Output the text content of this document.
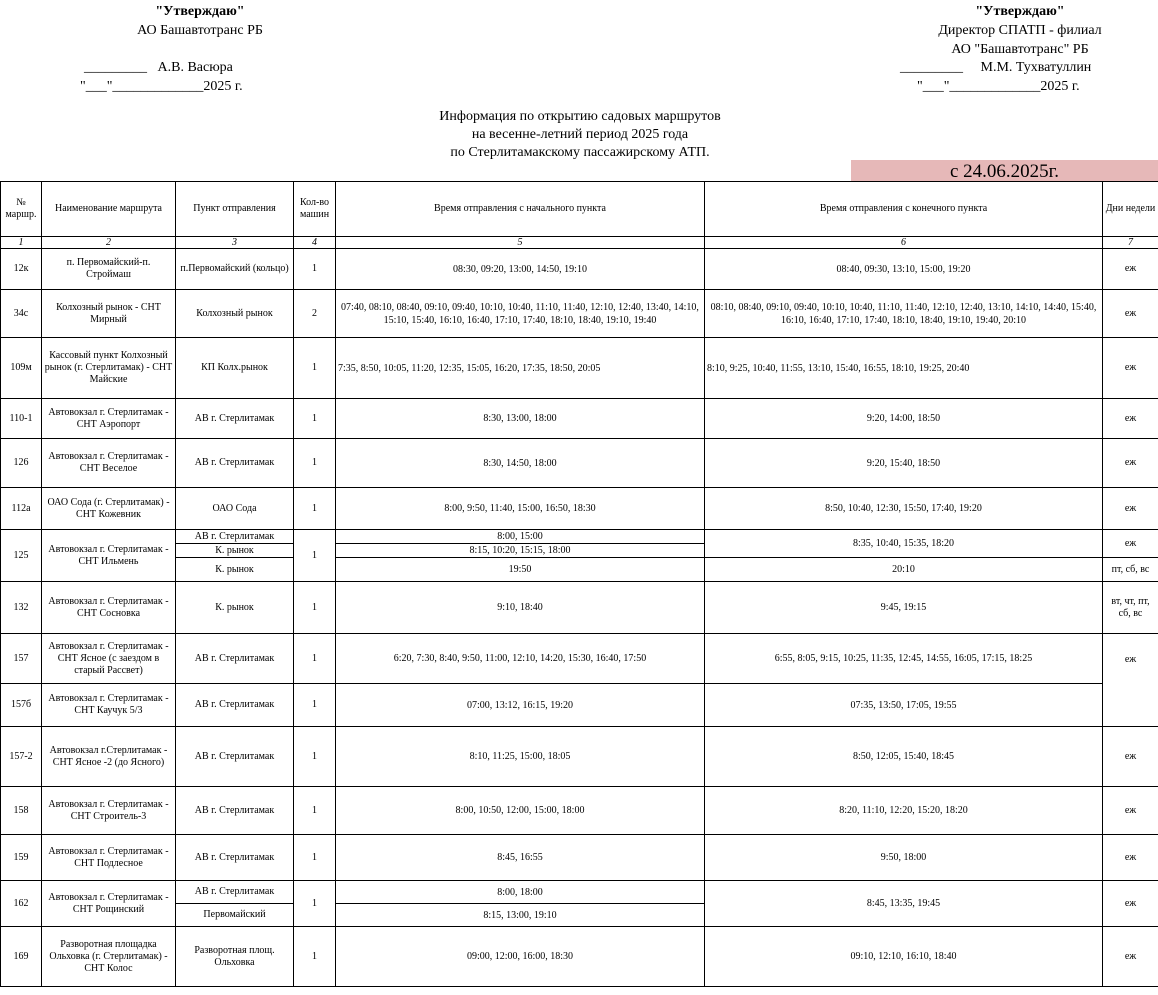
"Утверждаю"
АО Башавтотранс РБ
_________   А.В. Васюра
"___"_____________2025 г.
"Утверждаю"
Директор СПАТП - филиал
АО "Башавтотранс" РБ
_________     М.М. Тухватуллин
"___"_____________2025 г.
Информация по открытию садовых маршрутов
на весенне-летний период 2025 года
по Стерлитамакскому пассажирскому АТП.
с 24.06.2025г.
№ маршр.	Наименование маршрута	Пункт отправления	Кол-во машин	Время отправления с начального пункта	Время отправления с конечного пункта	Дни недели
1	2	3	4	5	6	7
12к	п. Первомайский-п. Строймаш	п.Первомайский (кольцо)	1	08:30, 09:20, 13:00, 14:50, 19:10	08:40, 09:30, 13:10, 15:00, 19:20	еж
34с	Колхозный рынок - СНТ Мирный	Колхозный рынок	2	07:40, 08:10, 08:40, 09:10, 09:40, 10:10, 10:40, 11:10, 11:40, 12:10, 12:40, 13:40, 14:10, 15:10, 15:40, 16:10, 16:40, 17:10, 17:40, 18:10, 18:40, 19:10, 19:40	08:10, 08:40, 09:10, 09:40, 10:10, 10:40, 11:10, 11:40, 12:10, 12:40, 13:10, 14:10, 14:40, 15:40, 16:10, 16:40, 17:10, 17:40, 18:10, 18:40, 19:10, 19:40, 20:10	еж
109м	Кассовый пункт Колхозный рынок (г. Стерлитамак) - СНТ Майские	КП Колх.рынок	1	7:35, 8:50, 10:05, 11:20, 12:35, 15:05, 16:20, 17:35, 18:50, 20:05	8:10, 9:25, 10:40, 11:55, 13:10, 15:40, 16:55, 18:10, 19:25, 20:40	еж
110-1	Автовокзал г. Стерлитамак - СНТ Аэропорт	АВ г. Стерлитамак	1	8:30, 13:00, 18:00	9:20, 14:00, 18:50	еж
126	Автовокзал г. Стерлитамак - СНТ Веселое	АВ г. Стерлитамак	1	8:30, 14:50, 18:00	9:20, 15:40, 18:50	еж
112а	ОАО Сода (г. Стерлитамак) - СНТ Кожевник	ОАО Сода	1	8:00, 9:50, 11:40, 15:00, 16:50, 18:30	8:50, 10:40, 12:30, 15:50, 17:40, 19:20	еж
125	Автовокзал г. Стерлитамак - СНТ Ильмень	АВ г. Стерлитамак	1	8:00, 15:00	8:35, 10:40, 15:35, 18:20	еж
		К. рынок		8:15, 10:20, 15:15, 18:00		
		К. рынок		19:50	20:10	пт, сб, вс
132	Автовокзал г. Стерлитамак - СНТ Сосновка	К. рынок	1	9:10, 18:40	9:45, 19:15	вт, чт, пт, сб, вс
157	Автовокзал г. Стерлитамак - СНТ Ясное (с заездом в старый Рассвет)	АВ г. Стерлитамак	1	6:20, 7:30, 8:40, 9:50, 11:00, 12:10, 14:20, 15:30, 16:40, 17:50	6:55, 8:05, 9:15, 10:25, 11:35, 12:45, 14:55, 16:05, 17:15, 18:25	еж
157б	Автовокзал г. Стерлитамак - СНТ Каучук 5/3	АВ г. Стерлитамак	1	07:00, 13:12, 16:15, 19:20	07:35, 13:50, 17:05, 19:55	
157-2	Автовокзал г.Стерлитамак - СНТ Ясное -2 (до Ясного)	АВ г. Стерлитамак	1	8:10, 11:25, 15:00, 18:05	8:50, 12:05, 15:40, 18:45	еж
158	Автовокзал г. Стерлитамак - СНТ Строитель-3	АВ г. Стерлитамак	1	8:00, 10:50, 12:00, 15:00, 18:00	8:20, 11:10, 12:20, 15:20, 18:20	еж
159	Автовокзал г. Стерлитамак - СНТ Подлесное	АВ г. Стерлитамак	1	8:45, 16:55	9:50, 18:00	еж
162	Автовокзал г. Стерлитамак - СНТ Рощинский	АВ г. Стерлитамак	1	8:00, 18:00	8:45, 13:35, 19:45	еж
		Первомайский		8:15, 13:00, 19:10		
169	Разворотная площадка Ольховка (г. Стерлитамак) - СНТ Колос	Разворотная площ. Ольховка	1	09:00, 12:00, 16:00, 18:30	09:10, 12:10, 16:10, 18:40	еж
